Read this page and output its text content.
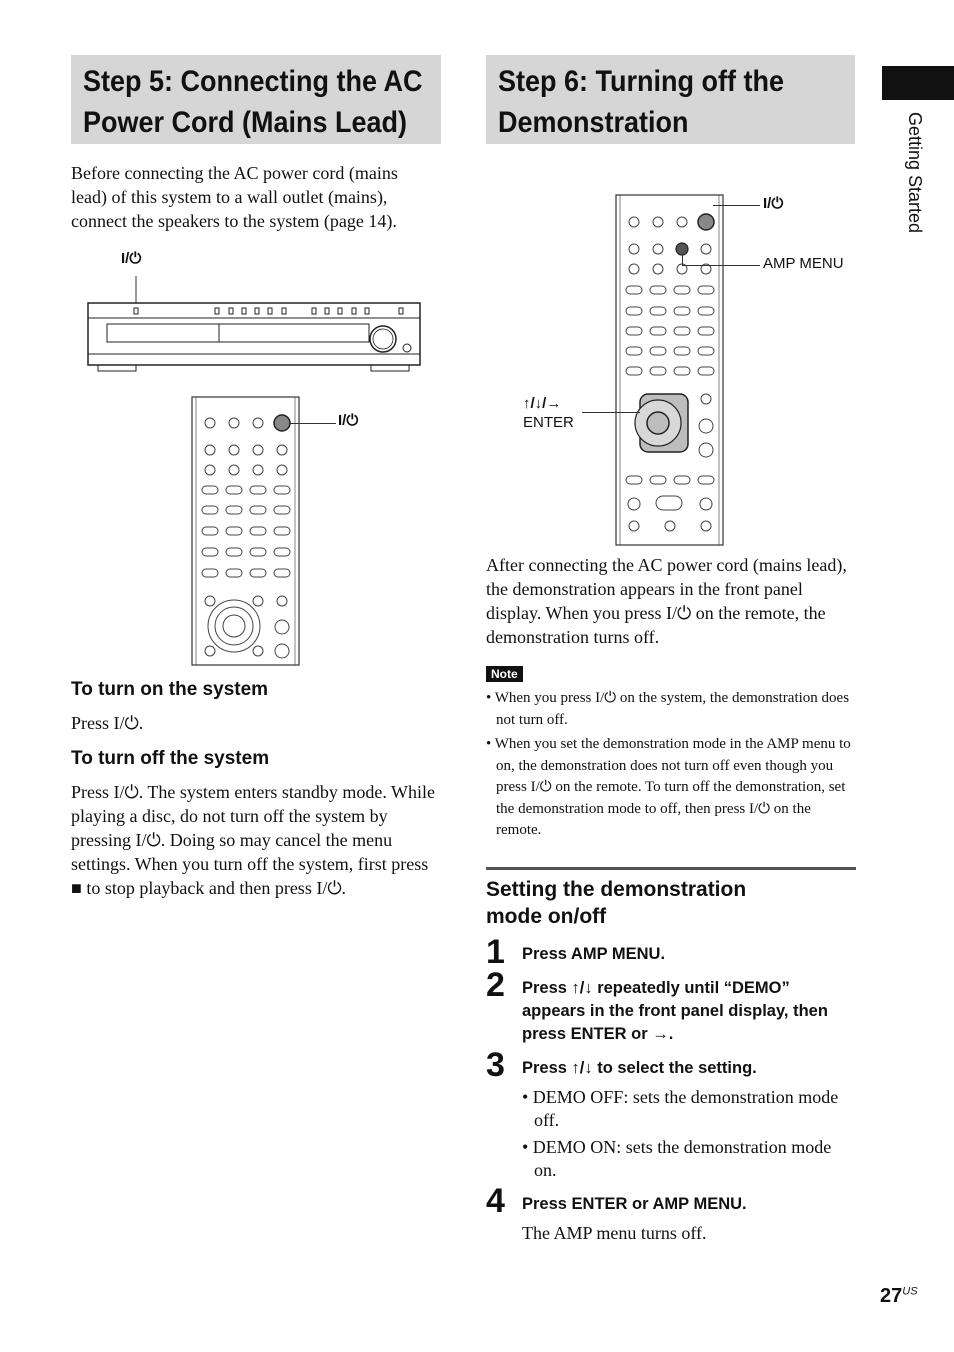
Step 5: Connecting the AC
Power Cord (Mains Lead)

Before connecting the AC power cord (mains lead) of this system to a wall outlet (mains), connect the speakers to the system (page 14).

I/⏻
I/⏻
To turn on the system

Press I/⏻.

To turn off the system

Press I/⏻. The system enters standby mode. While playing a disc, do not turn off the system by pressing I/⏻. Doing so may cancel the menu settings. When you turn off the system, first press ■ to stop playback and then press I/⏻.

Step 6: Turning off the
Demonstration
I/⏻
AMP MENU
↑/↓/→
ENTER

After connecting the AC power cord (mains lead), the demonstration appears in the front panel display. When you press I/⏻ on the remote, the demonstration turns off.

Note
• When you press I/⏻ on the system, the demonstration does not turn off.
• When you set the demonstration mode in the AMP menu to on, the demonstration does not turn off even though you press I/⏻ on the remote. To turn off the demonstration, set the demonstration mode to off, then press I/⏻ on the remote.
Setting the demonstration
mode on/off
1 Press AMP MENU.

2 Press ↑/↓ repeatedly until “DEMO” appears in the front panel display, then press ENTER or →.

3 Press ↑/↓ to select the setting.

• DEMO OFF: sets the demonstration mode off.
• DEMO ON: sets the demonstration mode on.
4 Press ENTER or AMP MENU.

The AMP menu turns off.

Getting Started
$27^{US}$
